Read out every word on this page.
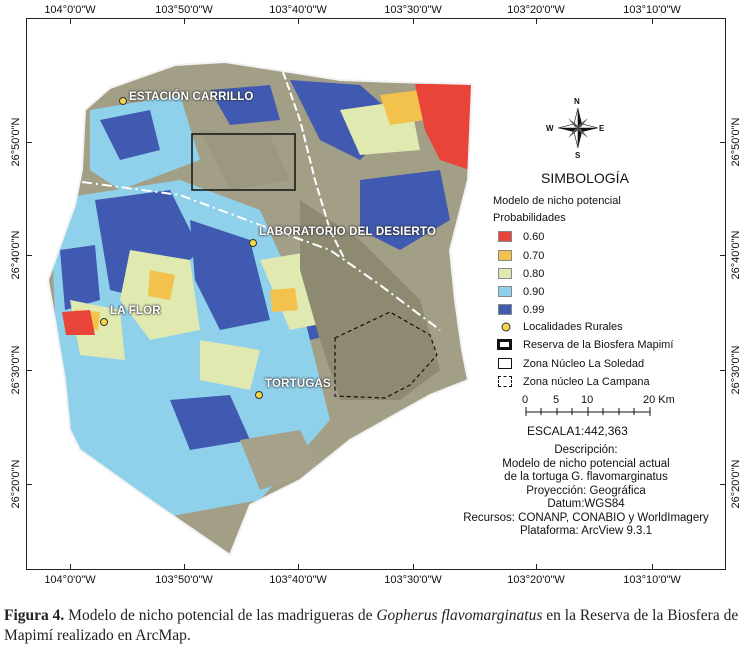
104°0'0"W	103°50'0"W	103°40'0"W	103°30'0"W	103°20'0"W	103°10'0"W
104°0'0"W	103°50'0"W	103°40'0"W	103°30'0"W	103°20'0"W	103°10'0"W
26°50'0"N
26°40'0"N
26°30'0"N
26°20'0"N
26°50'0"N
26°40'0"N
26°30'0"N
26°20'0"N
N
S
E
W
ESTACIÓN CARRILLO
LABORATORIO DEL DESIERTO
LA FLOR
TORTUGAS
SIMBOLOGÍA
Modelo de nicho potencial
Probabilidades
0.60
0.70
0.80
0.90
0.99
Localidades Rurales
Reserva de la Biosfera Mapimí
Zona Núcleo La Soledad
Zona núcleo La Campana
0 5 10	20 Km
ESCALA1:442,363
Descripción:
Modelo de nicho potencial actual
de la tortuga G. flavomarginatus
Proyección: Geográfica
Datum:WGS84
Recursos: CONANP, CONABIO y WorldImagery
Plataforma: ArcView 9.3.1
Figura 4. Modelo de nicho potencial de las madrigueras de Gopherus flavomarginatus en la Reserva de la Biosfera de Mapimí realizado en ArcMap.
